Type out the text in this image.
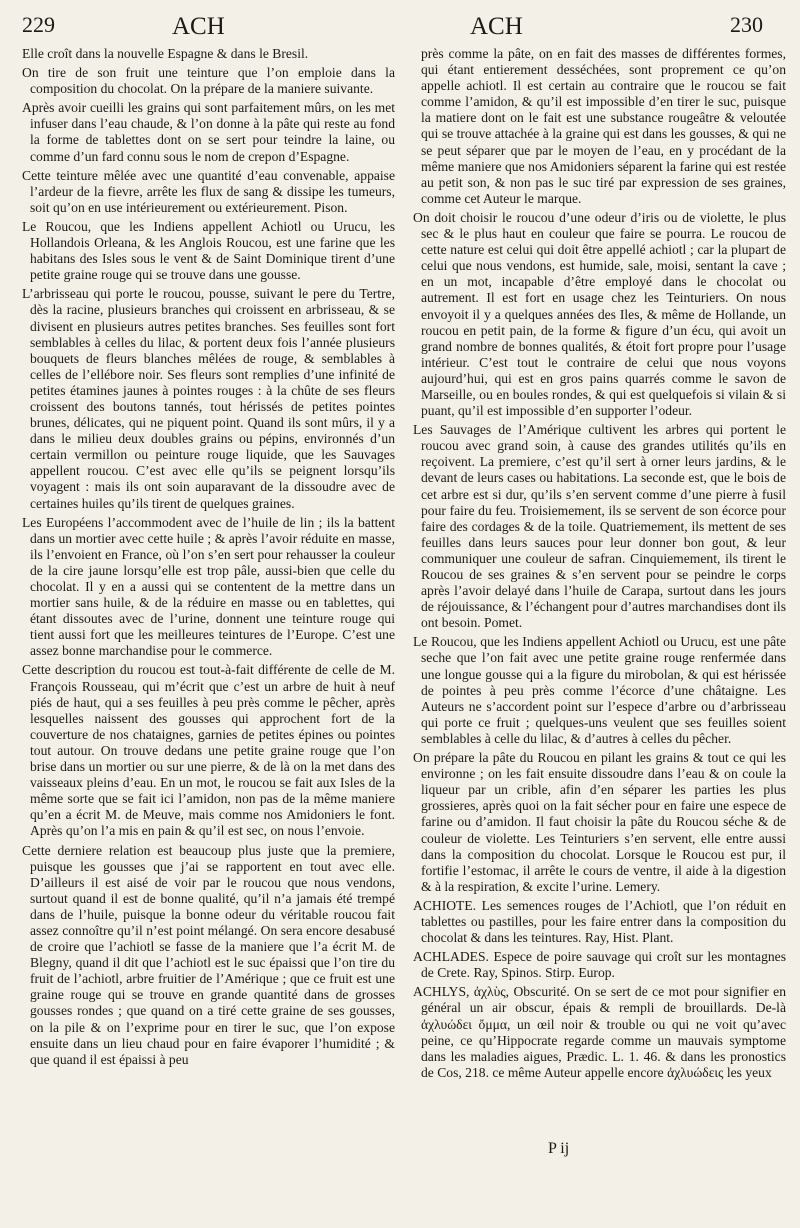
229	ACH	ACH	230

Elle croît dans la nouvelle Espagne & dans le Bresil.

On tire de son fruit une teinture que l’on emploie dans la composition du chocolat. On la prépare de la maniere suivante.

Après avoir cueilli les grains qui sont parfaitement mûrs, on les met infuser dans l’eau chaude, & l’on donne à la pâte qui reste au fond la forme de tablettes dont on se sert pour teindre la laine, ou comme d’un fard connu sous le nom de crepon d’Espagne.

Cette teinture mêlée avec une quantité d’eau convenable, appaise l’ardeur de la fievre, arrête les flux de sang & dissipe les tumeurs, soit qu’on en use intérieurement ou extérieurement. Pison.

Le Roucou, que les Indiens appellent Achiotl ou Urucu, les Hollandois Orleana, & les Anglois Roucou, est une farine que les habitans des Isles sous le vent & de Saint Dominique tirent d’une petite graine rouge qui se trouve dans une gousse.

L’arbrisseau qui porte le roucou, pousse, suivant le pere du Tertre, dès la racine, plusieurs branches qui croissent en arbrisseau, & se divisent en plusieurs autres petites branches. Ses feuilles sont fort semblables à celles du lilac, & portent deux fois l’année plusieurs bouquets de fleurs blanches mêlées de rouge, & semblables à celles de l’ellébore noir. Ses fleurs sont remplies d’une infinité de petites étamines jaunes à pointes rouges : à la chûte de ses fleurs croissent des boutons tannés, tout hérissés de petites pointes brunes, délicates, qui ne piquent point. Quand ils sont mûrs, il y a dans le milieu deux doubles grains ou pépins, environnés d’un certain vermillon ou peinture rouge liquide, que les Sauvages appellent roucou. C’est avec elle qu’ils se peignent lorsqu’ils voyagent : mais ils ont soin auparavant de la dissoudre avec de certaines huiles qu’ils tirent de quelques graines.

Les Européens l’accommodent avec de l’huile de lin ; ils la battent dans un mortier avec cette huile ; & après l’avoir réduite en masse, ils l’envoient en France, où l’on s’en sert pour rehausser la couleur de la cire jaune lorsqu’elle est trop pâle, aussi-bien que celle du chocolat. Il y en a aussi qui se contentent de la mettre dans un mortier sans huile, & de la réduire en masse ou en tablettes, qui étant dissoutes avec de l’urine, donnent une teinture rouge qui tient aussi fort que les meilleures teintures de l’Europe. C’est une assez bonne marchandise pour le commerce.

Cette description du roucou est tout-à-fait différente de celle de M. François Rousseau, qui m’écrit que c’est un arbre de huit à neuf piés de haut, qui a ses feuilles à peu près comme le pêcher, après lesquelles naissent des gousses qui approchent fort de la couverture de nos chataignes, garnies de petites épines ou pointes tout autour. On trouve dedans une petite graine rouge que l’on brise dans un mortier ou sur une pierre, & de là on la met dans des vaisseaux pleins d’eau. En un mot, le roucou se fait aux Isles de la même sorte que se fait ici l’amidon, non pas de la même maniere qu’en a écrit M. de Meuve, mais comme nos Amidoniers le font. Après qu’on l’a mis en pain & qu’il est sec, on nous l’envoie.

Cette derniere relation est beaucoup plus juste que la premiere, puisque les gousses que j’ai se rapportent en tout avec elle. D’ailleurs il est aisé de voir par le roucou que nous vendons, surtout quand il est de bonne qualité, qu’il n’a jamais été trempé dans de l’huile, puisque la bonne odeur du véritable roucou fait assez connoître qu’il n’est point mélangé. On sera encore desabusé de croire que l’achiotl se fasse de la maniere que l’a écrit M. de Blegny, quand il dit que l’achiotl est le suc épaissi que l’on tire du fruit de l’achiotl, arbre fruitier de l’Amérique ; que ce fruit est une graine rouge qui se trouve en grande quantité dans de grosses gousses rondes ; que quand on a tiré cette graine de ses gousses, on la pile & on l’exprime pour en tirer le suc, que l’on expose ensuite dans un lieu chaud pour en faire évaporer l’humidité ; & que quand il est épaissi à peu

près comme la pâte, on en fait des masses de différentes formes, qui étant entierement desséchées, sont proprement ce qu’on appelle achiotl. Il est certain au contraire que le roucou se fait comme l’amidon, & qu’il est impossible d’en tirer le suc, puisque la matiere dont on le fait est une substance rougeâtre & veloutée qui se trouve attachée à la graine qui est dans les gousses, & qui ne se peut séparer que par le moyen de l’eau, en y procédant de la même maniere que nos Amidoniers séparent la farine qui est restée au petit son, & non pas le suc tiré par expression de ses graines, comme cet Auteur le marque.

On doit choisir le roucou d’une odeur d’iris ou de violette, le plus sec & le plus haut en couleur que faire se pourra. Le roucou de cette nature est celui qui doit être appellé achiotl ; car la plupart de celui que nous vendons, est humide, sale, moisi, sentant la cave ; en un mot, incapable d’être employé dans le chocolat ou autrement. Il est fort en usage chez les Teinturiers. On nous envoyoit il y a quelques années des Iles, & même de Hollande, un roucou en petit pain, de la forme & figure d’un écu, qui avoit un grand nombre de bonnes qualités, & étoit fort propre pour l’usage intérieur. C’est tout le contraire de celui que nous voyons aujourd’hui, qui est en gros pains quarrés comme le savon de Marseille, ou en boules rondes, & qui est quelquefois si vilain & si puant, qu’il est impossible d’en supporter l’odeur.

Les Sauvages de l’Amérique cultivent les arbres qui portent le roucou avec grand soin, à cause des grandes utilités qu’ils en reçoivent. La premiere, c’est qu’il sert à orner leurs jardins, & le devant de leurs cases ou habitations. La seconde est, que le bois de cet arbre est si dur, qu’ils s’en servent comme d’une pierre à fusil pour faire du feu. Troisiemement, ils se servent de son écorce pour faire des cordages & de la toile. Quatriemement, ils mettent de ses feuilles dans leurs sauces pour leur donner bon gout, & leur communiquer une couleur de safran. Cinquiemement, ils tirent le Roucou de ses graines & s’en servent pour se peindre le corps après l’avoir delayé dans l’huile de Carapa, surtout dans les jours de réjouissance, & l’échangent pour d’autres marchandises dont ils ont besoin. Pomet.

Le Roucou, que les Indiens appellent Achiotl ou Urucu, est une pâte seche que l’on fait avec une petite graine rouge renfermée dans une longue gousse qui a la figure du mirobolan, & qui est hérissée de pointes à peu près comme l’écorce d’une châtaigne. Les Auteurs ne s’accordent point sur l’espece d’arbre ou d’arbrisseau qui porte ce fruit ; quelques-uns veulent que ses feuilles soient semblables à celle du lilac, & d’autres à celles du pêcher.

On prépare la pâte du Roucou en pilant les grains & tout ce qui les environne ; on les fait ensuite dissoudre dans l’eau & on coule la liqueur par un crible, afin d’en séparer les parties les plus grossieres, après quoi on la fait sécher pour en faire une espece de farine ou d’amidon. Il faut choisir la pâte du Roucou séche & de couleur de violette. Les Teinturiers s’en servent, elle entre aussi dans la composition du chocolat. Lorsque le Roucou est pur, il fortifie l’estomac, il arrête le cours de ventre, il aide à la digestion & à la respiration, & excite l’urine. Lemery.

ACHIOTE. Les semences rouges de l’Achiotl, que l’on réduit en tablettes ou pastilles, pour les faire entrer dans la composition du chocolat & dans les teintures. Ray, Hist. Plant.

ACHLADES. Espece de poire sauvage qui croît sur les montagnes de Crete. Ray, Spinos. Stirp. Europ.

ACHLYS, ἀχλὺς, Obscurité. On se sert de ce mot pour signifier en général un air obscur, épais & rempli de brouillards. De-là ἀχλυώδει ὄμμα, un œil noir & trouble ou qui ne voit qu’avec peine, ce qu’Hippocrate regarde comme un mauvais symptome dans les maladies aigues, Prædic. L. 1. 46. & dans les pronostics de Cos, 218. ce même Auteur appelle encore ἀχλυώδεις les yeux

P ij
